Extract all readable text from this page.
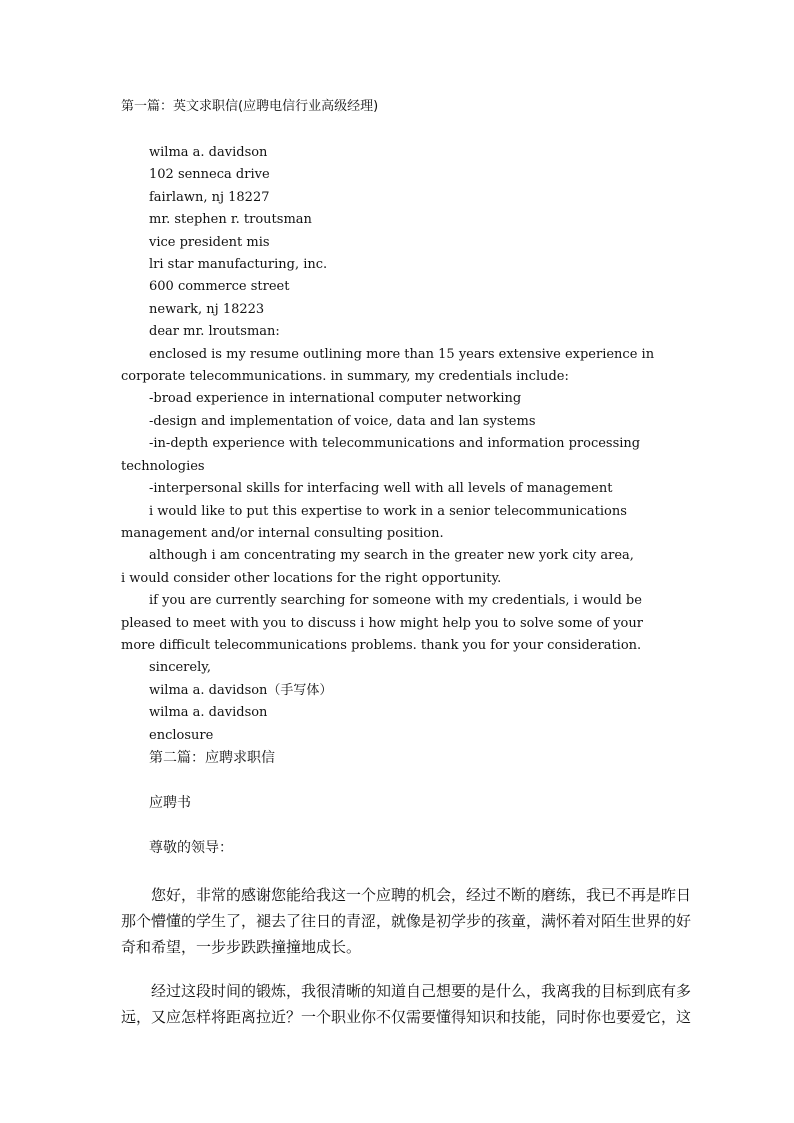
第一篇：英文求职信(应聘电信行业高级经理)
wilma a. davidson
102 senneca drive
fairlawn, nj 18227
mr. stephen r. troutsman
vice president mis
lri star manufacturing, inc.
600 commerce street
newark, nj 18223
dear mr. lroutsman:
enclosed is my resume outlining more than 15 years extensive experience in
corporate telecommunications. in summary, my credentials include:
-broad experience in international computer networking
-design and implementation of voice, data and lan systems
-in-depth experience with telecommunications and information processing
technologies
-interpersonal skills for interfacing well with all levels of management
i would like to put this expertise to work in a senior telecommunications
management and/or internal consulting position.
although i am concentrating my search in the greater new york city area,
i would consider other locations for the right opportunity.
if you are currently searching for someone with my credentials, i would be
pleased to meet with you to discuss i how might help you to solve some of your
more difficult telecommunications problems. thank you for your consideration.
sincerely,
wilma a. davidson（手写体）
wilma a. davidson
enclosure
第二篇：应聘求职信
应聘书
尊敬的领导：
您好，非常的感谢您能给我这一个应聘的机会，经过不断的磨练，我已不再是昨日
那个懵懂的学生了，褪去了往日的青涩，就像是初学步的孩童，满怀着对陌生世界的好
奇和希望，一步步跌跌撞撞地成长。
经过这段时间的锻炼，我很清晰的知道自己想要的是什么，我离我的目标到底有多
远，又应怎样将距离拉近？一个职业你不仅需要懂得知识和技能，同时你也要爱它，这
